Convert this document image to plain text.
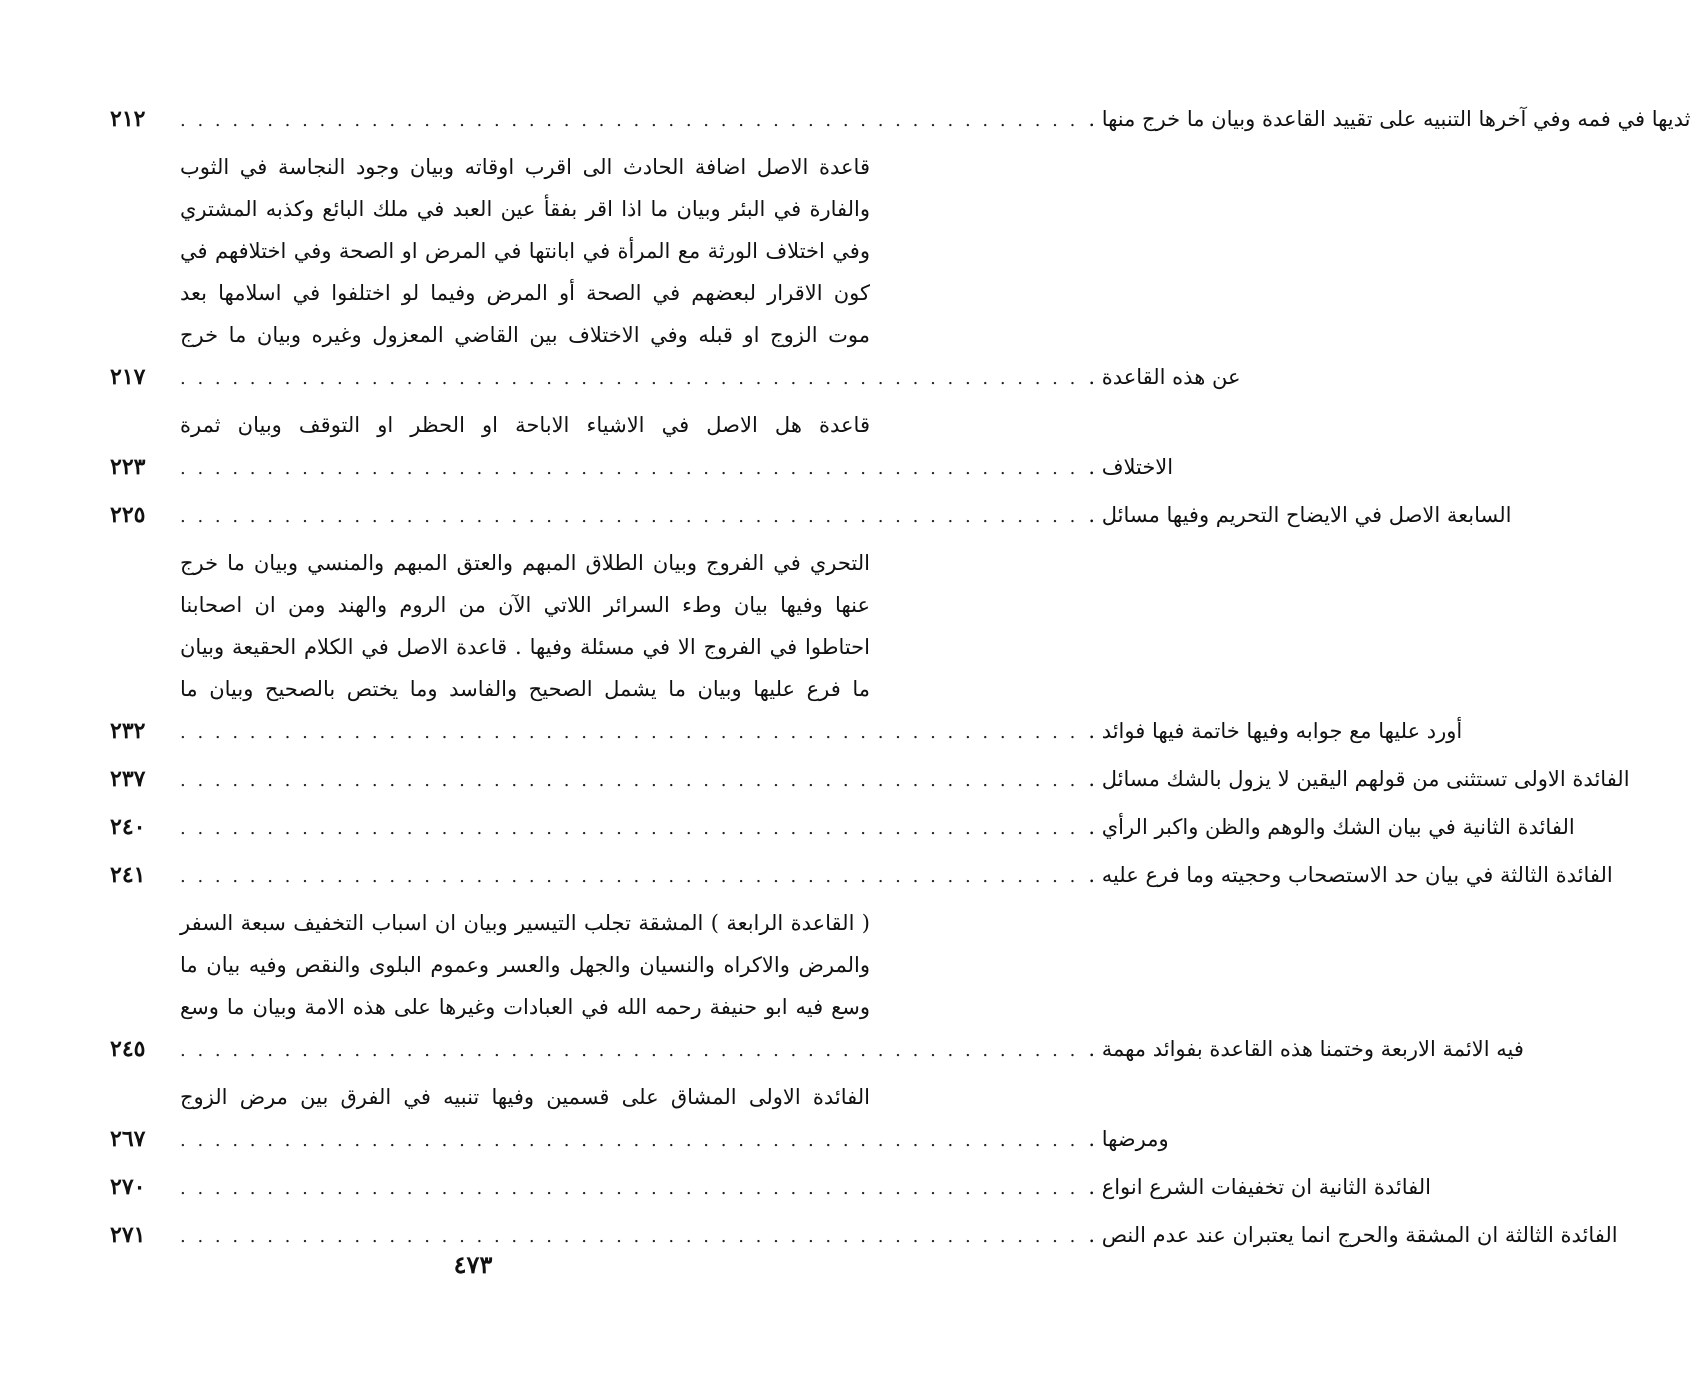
٢١٢	. . . . . . . . . . . . . . . . . . . . . . . . . . . . . . . . . . . . . . . . . . . . . . . . . . . . ثديها في فمه وفي آخرها التنبيه على تقييد القاعدة وبيان ما خرج منها .
قاعدة الاصل اضافة الحادث الى اقرب اوقاته وبيان وجود النجاسة في الثوب
والفارة في البئر وبيان ما اذا اقر بفقأ عين العبد في ملك البائع وكذبه المشتري
وفي اختلاف الورثة مع المرأة في ابانتها في المرض او الصحة وفي اختلافهم في
كون الاقرار لبعضهم في الصحة أو المرض وفيما لو اختلفوا في اسلامها بعد
موت الزوج او قبله وفي الاختلاف بين القاضي المعزول وغيره وبيان ما خرج
٢١٧	. . . . . . . . . . . . . . . . . . . . . . . . . . . . . . . . . . . . . . . . . . . . . . . . . . . . عن هذه القاعدة .
قاعدة هل الاصل في الاشياء الاباحة او الحظر او التوقف وبيان ثمرة
٢٢٣	. . . . . . . . . . . . . . . . . . . . . . . . . . . . . . . . . . . . . . . . . . . . . . . . . . . . الاختلاف .
٢٢٥	. . . . . . . . . . . . . . . . . . . . . . . . . . . . . . . . . . . . . . . . . . . . . . . . . . . . السابعة الاصل في الايضاح التحريم وفيها مسائل .
التحري في الفروج وبيان الطلاق المبهم والعتق المبهم والمنسي وبيان ما خرج
عنها وفيها بيان وطء السرائر اللاتي الآن من الروم والهند ومن ان اصحابنا
احتاطوا في الفروج الا في مسئلة وفيها . قاعدة الاصل في الكلام الحقيعة وبيان
ما فرع عليها وبيان ما يشمل الصحيح والفاسد وما يختص بالصحيح وبيان ما
٢٣٢	. . . . . . . . . . . . . . . . . . . . . . . . . . . . . . . . . . . . . . . . . . . . . . . . . . . . أورد عليها مع جوابه وفيها خاتمة فيها فوائد .
٢٣٧	. . . . . . . . . . . . . . . . . . . . . . . . . . . . . . . . . . . . . . . . . . . . . . . . . . . . الفائدة الاولى تستثنى من قولهم اليقين لا يزول بالشك مسائل .
٢٤٠	. . . . . . . . . . . . . . . . . . . . . . . . . . . . . . . . . . . . . . . . . . . . . . . . . . . . الفائدة الثانية في بيان الشك والوهم والظن واكبر الرأي .
٢٤١	. . . . . . . . . . . . . . . . . . . . . . . . . . . . . . . . . . . . . . . . . . . . . . . . . . . . الفائدة الثالثة في بيان حد الاستصحاب وحجيته وما فرع عليه .
( القاعدة الرابعة ) المشقة تجلب التيسير وبيان ان اسباب التخفيف سبعة السفر
والمرض والاكراه والنسيان والجهل والعسر وعموم البلوى والنقص وفيه بيان ما
وسع فيه ابو حنيفة رحمه الله في العبادات وغيرها على هذه الامة وبيان ما وسع
٢٤٥	. . . . . . . . . . . . . . . . . . . . . . . . . . . . . . . . . . . . . . . . . . . . . . . . . . . . فيه الائمة الاربعة وختمنا هذه القاعدة بفوائد مهمة .
الفائدة الاولى المشاق على قسمين وفيها تنبيه في الفرق بين مرض الزوج
٢٦٧	. . . . . . . . . . . . . . . . . . . . . . . . . . . . . . . . . . . . . . . . . . . . . . . . . . . . ومرضها .
٢٧٠	. . . . . . . . . . . . . . . . . . . . . . . . . . . . . . . . . . . . . . . . . . . . . . . . . . . . الفائدة الثانية ان تخفيفات الشرع انواع .
٢٧١	. . . . . . . . . . . . . . . . . . . . . . . . . . . . . . . . . . . . . . . . . . . . . . . . . . . . الفائدة الثالثة ان المشقة والحرج انما يعتبران عند عدم النص .
٤٧٣
